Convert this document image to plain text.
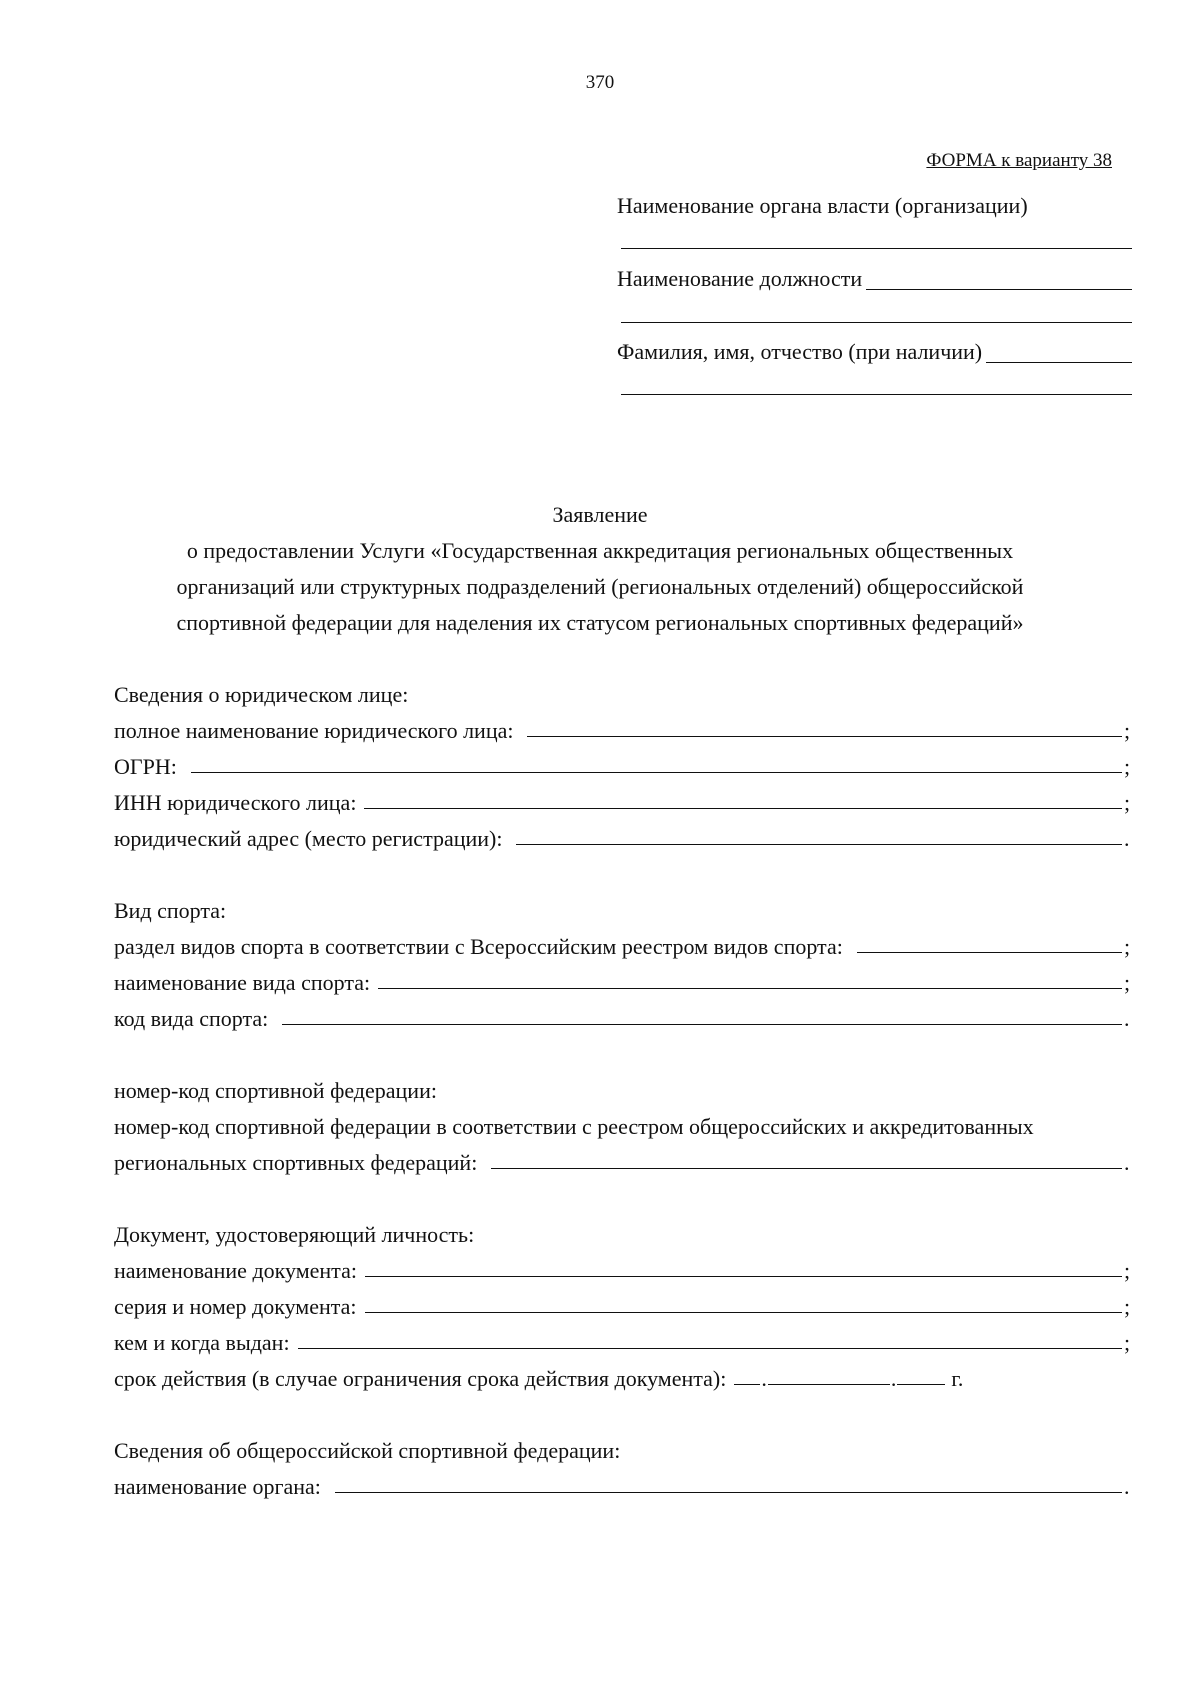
370
ФОРМА к варианту 38
Наименование органа власти (организации)
Наименование должности
Фамилия, имя, отчество (при наличии)
Заявление
о предоставлении Услуги «Государственная аккредитация региональных общественных
организаций или структурных подразделений (региональных отделений) общероссийской
спортивной федерации для наделения их статусом региональных спортивных федераций»
Сведения о юридическом лице:
полное наименование юридического лица:	;
ОГРН:	;
ИНН юридического лица:	;
юридический адрес (место регистрации):	.
Вид спорта:
раздел видов спорта в соответствии с Всероссийским реестром видов спорта:	;
наименование вида спорта:	;
код вида спорта:	.
номер-код спортивной федерации:
номер-код спортивной федерации в соответствии с реестром общероссийских и аккредитованных
региональных спортивных федераций:	.
Документ, удостоверяющий личность:
наименование документа:	;
серия и номер документа:	;
кем и когда выдан:	;
срок действия (в случае ограничения срока действия документа): .	.	г.
Сведения об общероссийской спортивной федерации:
наименование органа:	.
